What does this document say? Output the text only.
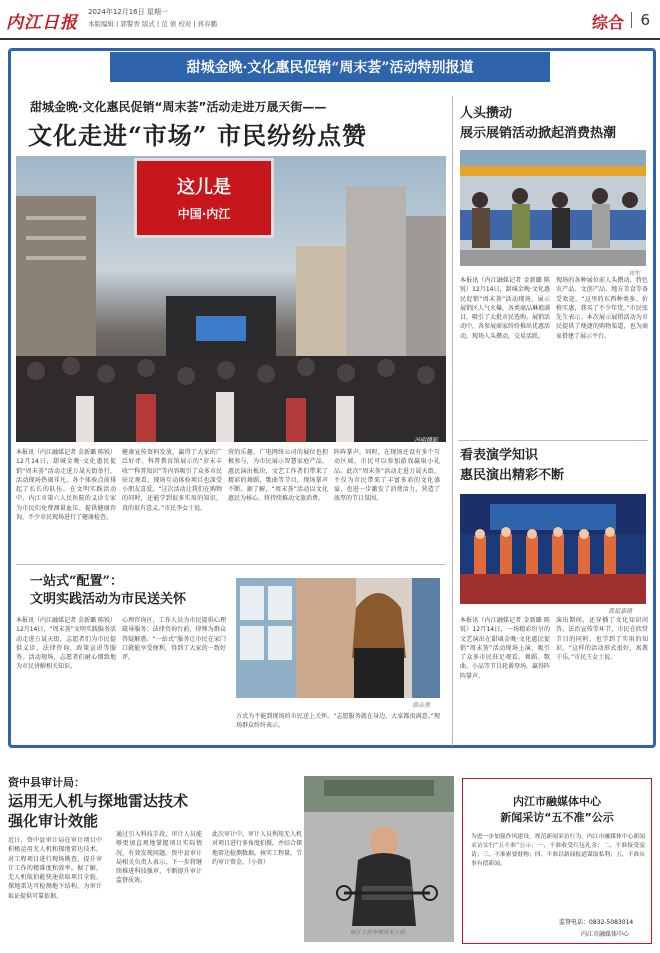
内江日报
2024年12月16日 星期一
本版编辑 | 郭警香 版式 | 范 倩 校对 | 蒋春鹏	综合 6
甜城金晚·文化惠民促销“周末荟”活动特别报道
甜城金晚·文化惠民促销“周末荟”活动走进万晟天街——
文化走进“市场” 市民纷纷点赞
这儿是
中国·内江
冯明摄影
本报讯（内江融媒记者 金新璐 陈锐）12月14日，甜城金晚·文化惠民促销“周末荟”活动走进万晟天街举行，活动现场热闹非凡，各个体验点前排起了长长的队伍。在文明实践活动中，内江市第六人民医院的义诊专家为市民们免费测量血压、提供健康咨询，不少市民现场进行了健康检查。
健康宣传资料发放，赢得了大家的广泛好评。科普教育馆展示的“岁末丰收”“科普知识”等内容吸引了众多市民驻足观看，现场互动体验项目也深受小朋友喜爱。“这次活动让我们在购物的同时，还能学到很多实用的知识，真的很有意义。”市民李女士说。
营的乐趣。广电网络公司的展位也积极参与，为市民展示智慧家庭产品。惠民演出板块，文艺工作者们带来了精彩的舞蹈、歌曲等节目，现场掌声不断。据了解，“周末荟”活动以文化惠民为核心，将持续推动文旅消费。
阵阵掌声。同时，在现场还设有多个互动区域，市民可以参加游戏赢取小礼品。此次“周末荟”活动走进万晟天街，不仅为市民带来了丰富多彩的文化盛宴，也进一步激发了消费活力，营造了浓厚的节日氛围。
一站式“配置”：
文明实践活动为市民送关怀
本报讯（内江融媒记者 金新璐 陈锐）12月14日，“周末荟”文明实践服务活动走进万晟天街，志愿者们为市民提供义诊、法律咨询、政策宣讲等服务。活动现场，志愿者们耐心细致地为市民讲解相关知识。
心理咨询区，工作人员为市民提供心理疏导服务；法律咨询台前，律师为群众答疑解惑。“一站式”服务让市民在家门口就能享受便利，得到了大家的一致好评。
郭彦美
方式为不能到现场的市民送上关怀。“志愿服务就在身边，大家都很满意。”现场群众纷纷表示。
人头攒动
展示展销活动掀起消费热潮
刘东
本报讯（内江融媒记者 金新璐 陈锐）12月14日，甜城金晚·文化惠民促销“周末荟”活动现场，展示展销区人气火爆，各类商品琳琅满目，吸引了大批市民选购。展销活动中，各参展商家纷纷推出优惠活动，现场人头攒动，交易活跃。
现场的各种展位前人头攒动，特色农产品、文创产品、地方美食等备受欢迎。“这里的东西种类多、价格实惠，我买了不少年货。”市民张先生表示。本次展示展销活动为市民提供了便捷的购物渠道，也为商家搭建了展示平台。
看表演学知识
惠民演出精彩不断
黄超嘉摄
本报讯（内江融媒记者 金新璐 陈锐）12月14日，一场精彩纷呈的文艺演出在甜城金晚·文化惠民促销“周末荟”活动现场上演，吸引了众多市民驻足观看。舞蹈、歌曲、小品等节目轮番登场，赢得阵阵掌声。
演出期间，还穿插了文化知识问答、法治宣传等环节，市民在欣赏节目的同时，也学到了实用的知识。“这样的活动形式很好，寓教于乐。”市民王女士说。
资中县审计局：
运用无人机与探地雷达技术
强化审计效能
近日，资中县审计局在审计项目中积极运用无人机和探地雷达技术，对工程项目进行现场勘查，提升审计工作的精准度和效率。据了解，无人机航拍能快速获取项目全貌，探地雷达可检测地下结构，为审计取证提供可靠依据。
通过引入科技手段，审计人员能够更加直观地掌握项目实际情况，有效发现问题。资中县审计局相关负责人表示，下一步将继续推进科技强审，不断提升审计监督质效。
此次审计中，审计人员利用无人机对项目进行多角度拍摄，并结合探地雷达检测数据，核实工程量，节约审计资金。（小资）
审计工作中使用无人机
内江市融媒体中心
新闻采访“五不准”公示
为进一步加强作风建设，规范新闻采访行为，内江市融媒体中心新闻采访实行“五不准”公示：一、不准收受红包礼金；二、不准接受宴请；三、不准索要财物；四、不准以新闻报道谋取私利；五、不准从事有偿新闻。
监督电话：0832-5083014
内江市融媒体中心
